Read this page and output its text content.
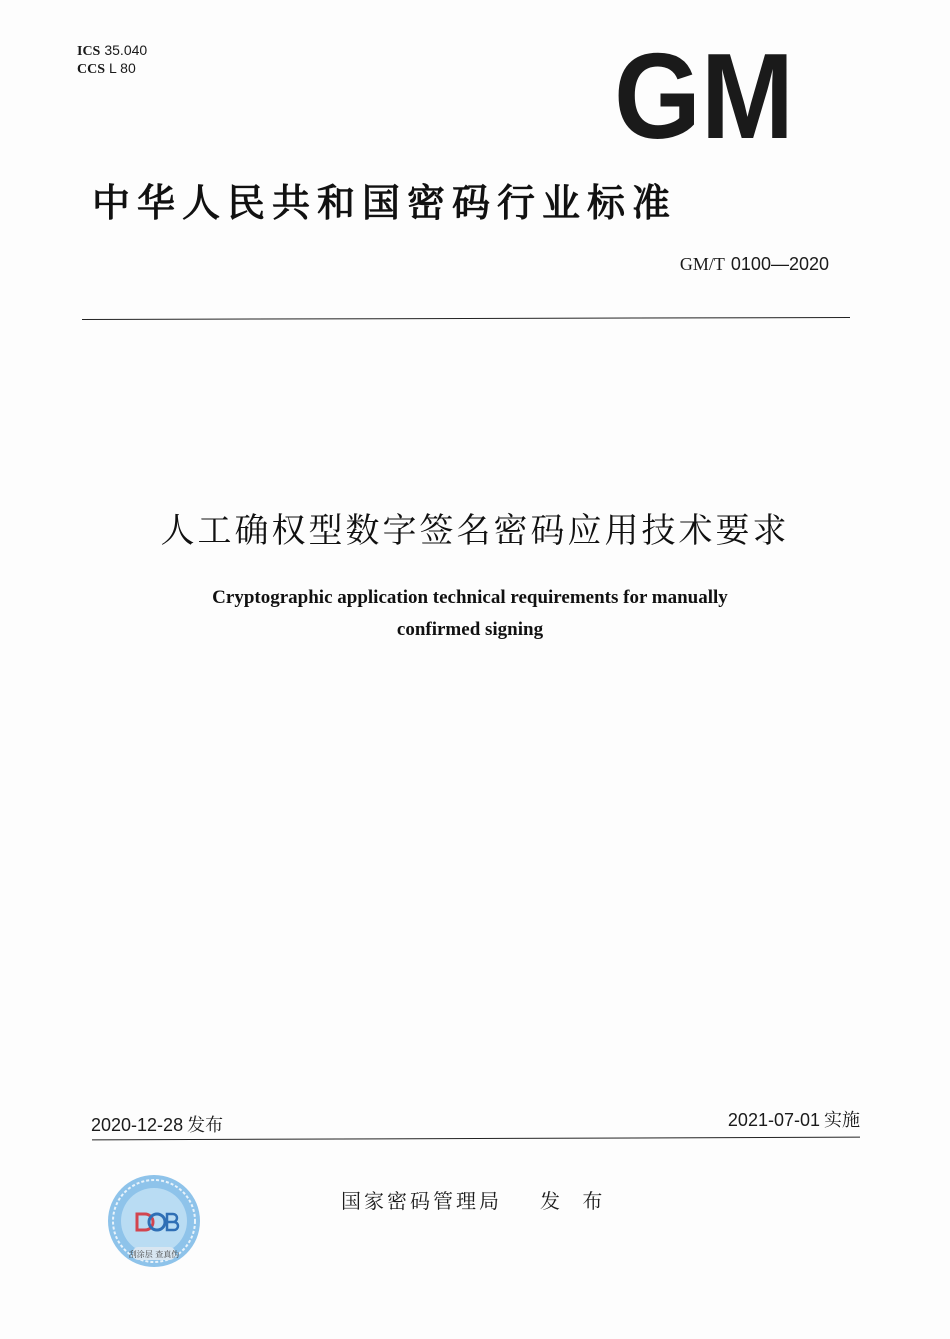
ICS 35.040
CCS L 80	GM
中华人民共和国密码行业标准
GM/T 0100—2020
人工确权型数字签名密码应用技术要求
Cryptographic application technical requirements for manually
confirmed signing
2020-12-28 发布	2021-07-01 实施
刮涂层 查真伪
国家密码管理局 发 布
